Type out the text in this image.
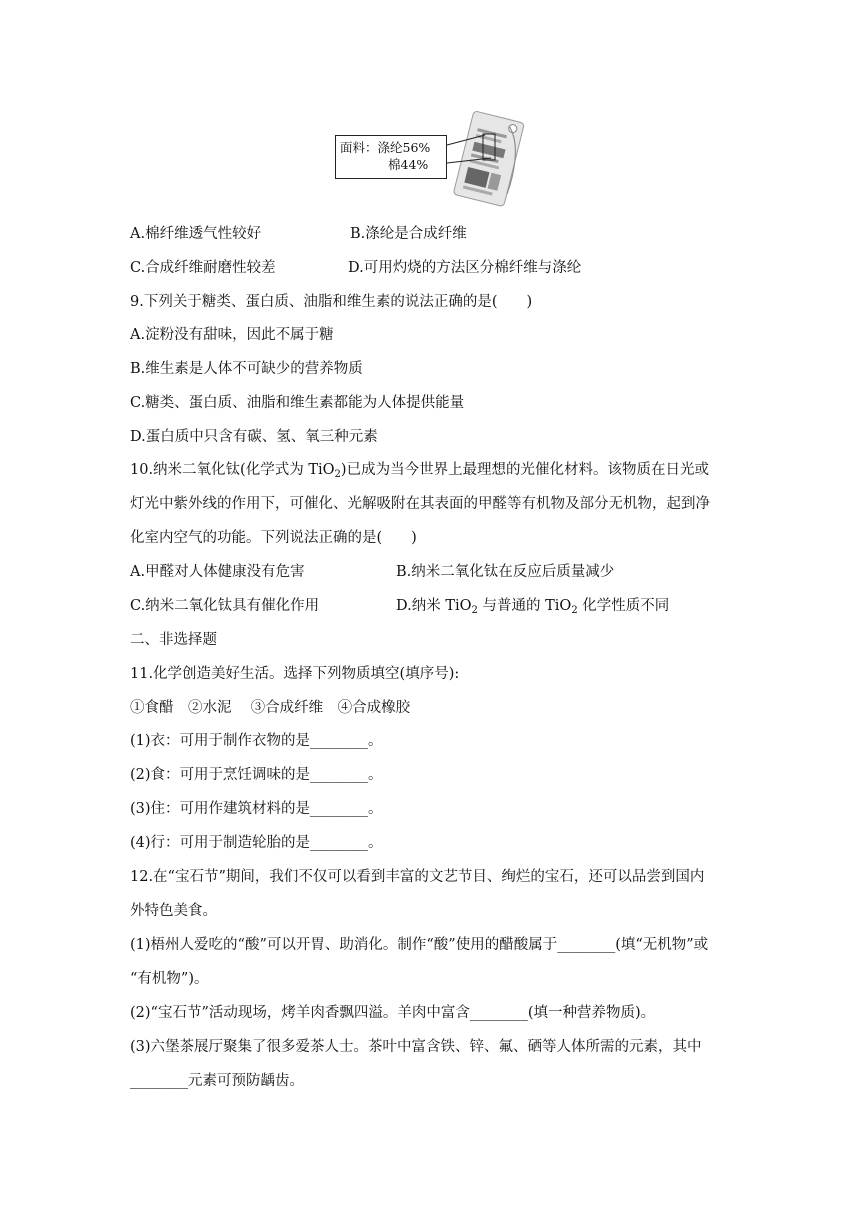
面料：涤纶56%
棉44%
A.棉纤维透气性较好	B.涤纶是合成纤维
C.合成纤维耐磨性较差	D.可用灼烧的方法区分棉纤维与涤纶
9.下列关于糖类、蛋白质、油脂和维生素的说法正确的是(　　)
A.淀粉没有甜味，因此不属于糖
B.维生素是人体不可缺少的营养物质
C.糖类、蛋白质、油脂和维生素都能为人体提供能量
D.蛋白质中只含有碳、氢、氧三种元素
10.纳米二氧化钛(化学式为 TiO$_2$)已成为当今世界上最理想的光催化材料。该物质在日光或
灯光中紫外线的作用下，可催化、光解吸附在其表面的甲醛等有机物及部分无机物，起到净
化室内空气的功能。下列说法正确的是(　　)
A.甲醛对人体健康没有危害	B.纳米二氧化钛在反应后质量减少
C.纳米二氧化钛具有催化作用	D.纳米 TiO$_2$ 与普通的 TiO$_2$ 化学性质不同
二、非选择题
11.化学创造美好生活。选择下列物质填空(填序号):
①食醋　②水泥　 ③合成纤维　④合成橡胶
(1)衣：可用于制作衣物的是________。
(2)食：可用于烹饪调味的是________。
(3)住：可用作建筑材料的是________。
(4)行：可用于制造轮胎的是________。
12.在“宝石节”期间，我们不仅可以看到丰富的文艺节目、绚烂的宝石，还可以品尝到国内
外特色美食。
(1)梧州人爱吃的“酸”可以开胃、助消化。制作“酸”使用的醋酸属于________(填“无机物”或
“有机物”)。
(2)“宝石节”活动现场，烤羊肉香飘四溢。羊肉中富含________(填一种营养物质)。
(3)六堡茶展厅聚集了很多爱茶人士。茶叶中富含铁、锌、氟、硒等人体所需的元素，其中
________元素可预防龋齿。
